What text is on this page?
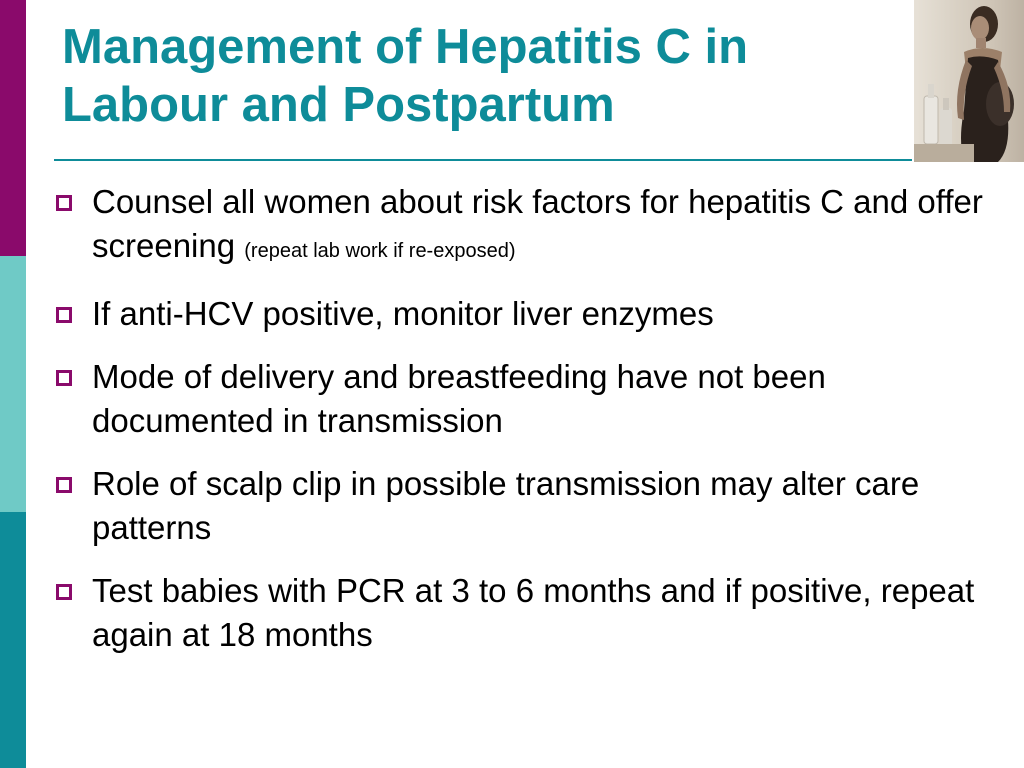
Management of Hepatitis C in Labour and Postpartum
Counsel all women about risk factors for hepatitis C and offer screening (repeat lab work if re-exposed)
If anti-HCV positive, monitor liver enzymes
Mode of delivery and breastfeeding have not been documented in transmission
Role of scalp clip in possible transmission may alter care patterns
Test babies with PCR at 3 to 6 months and if positive, repeat again at 18 months
